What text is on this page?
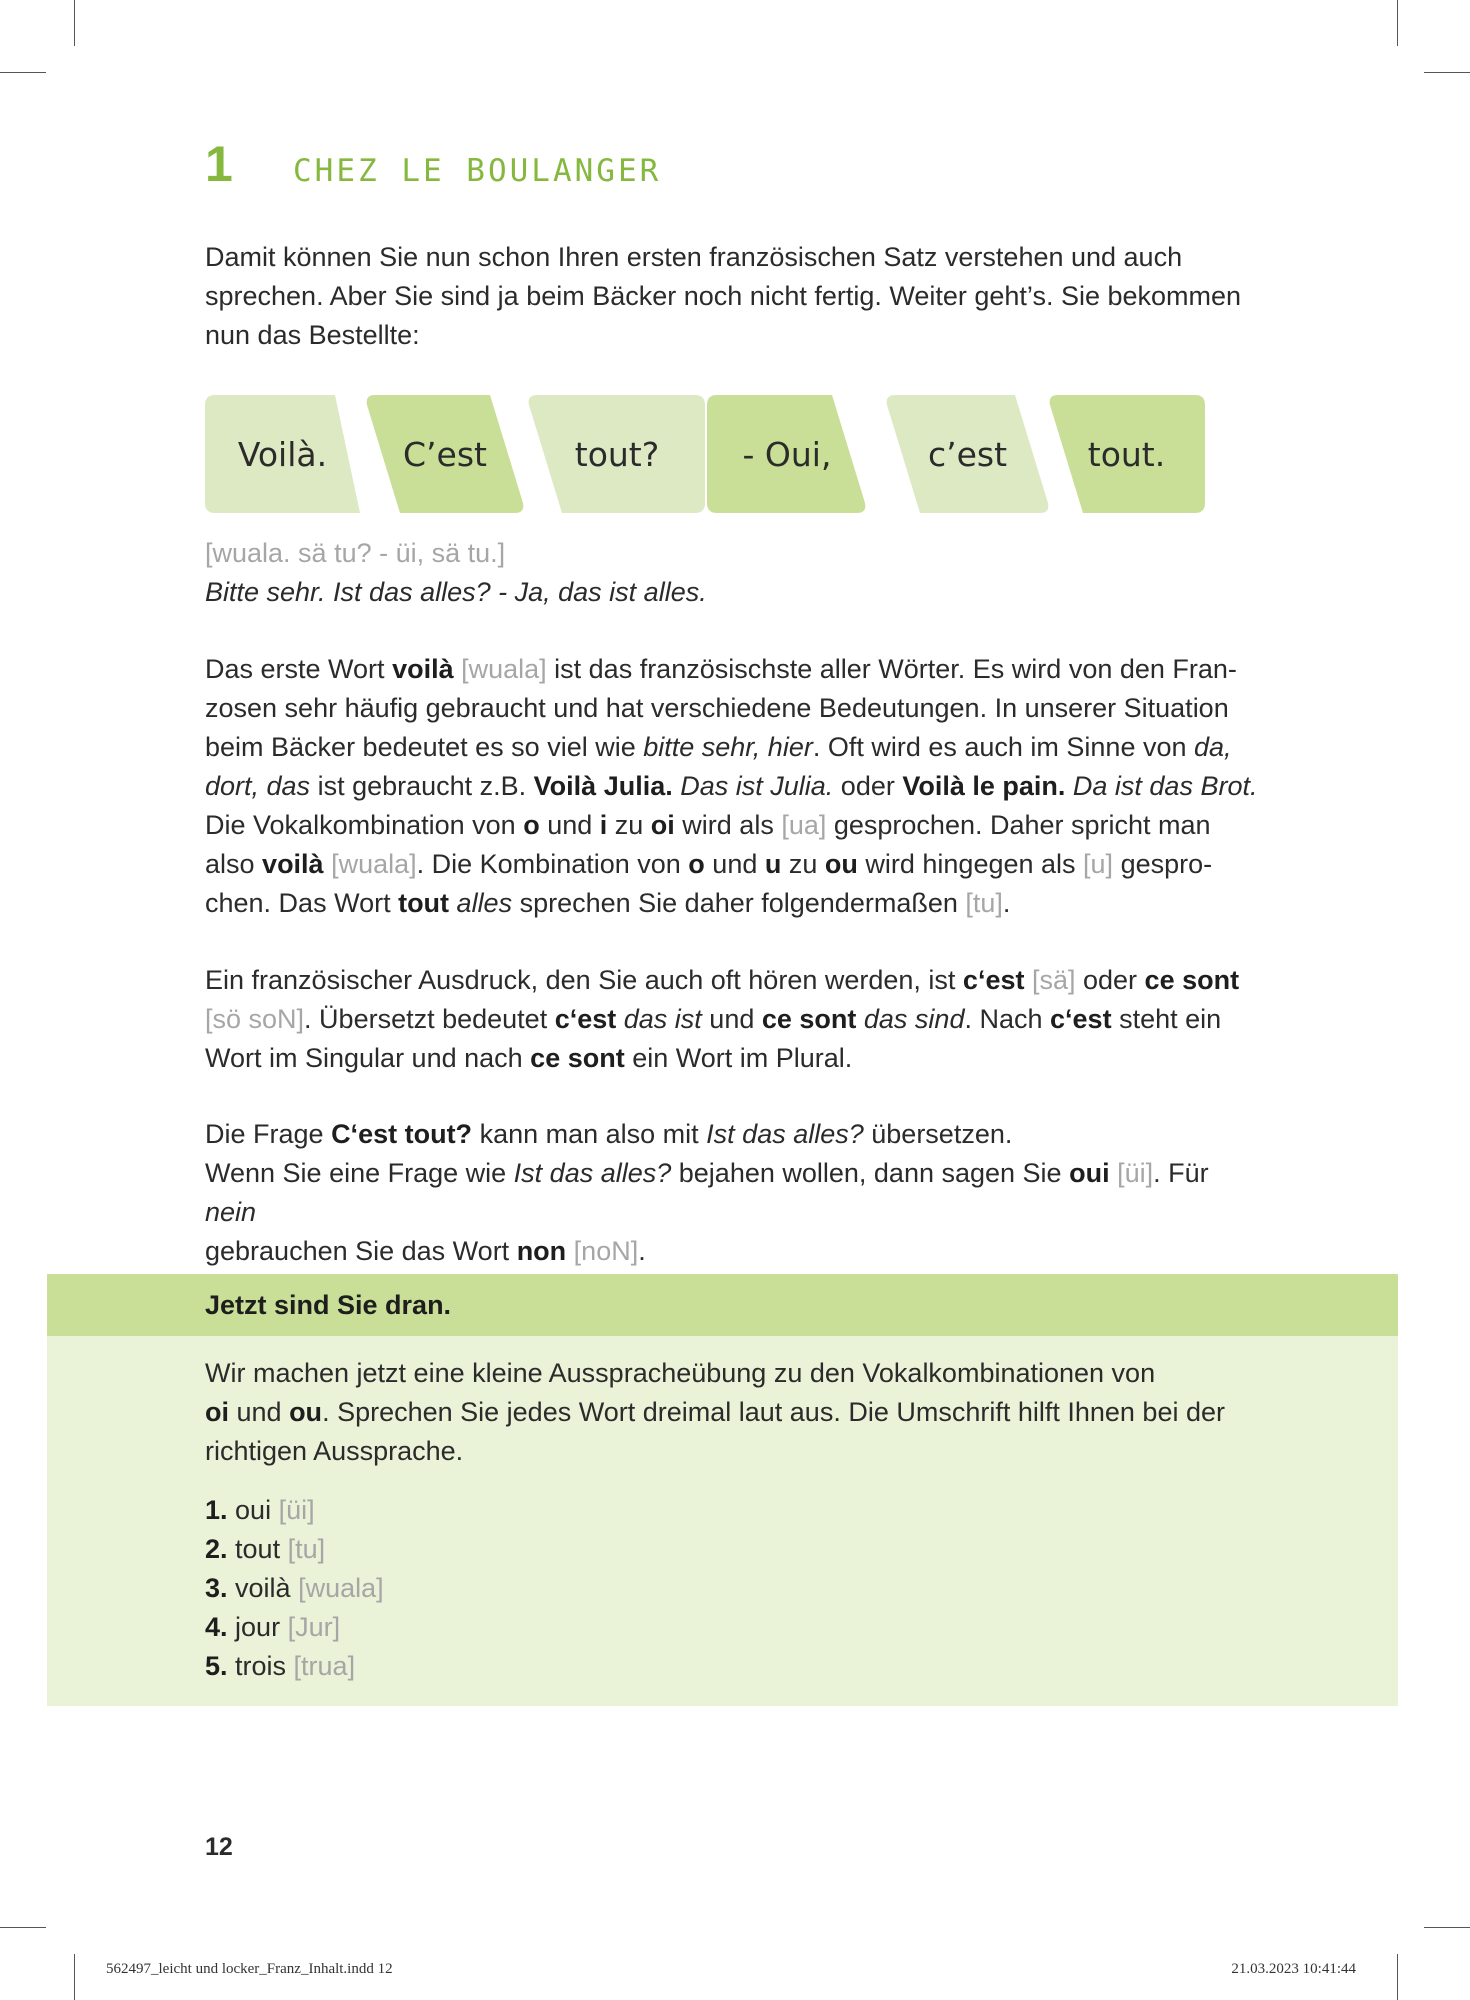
1	CHEZ LE BOULANGER

Damit können Sie nun schon Ihren ersten französischen Satz verstehen und auch

sprechen. Aber Sie sind ja beim Bäcker noch nicht fertig. Weiter geht’s. Sie bekommen

nun das Bestellte:

Voilà. C’est	tout?	- Oui,	c’est tout.
[wuala. sä tu? - üi, sä tu.]
Bitte sehr. Ist das alles? - Ja, das ist alles.

Das erste Wort voilà [wuala] ist das französischste aller Wörter. Es wird von den Fran-

zosen sehr häufig gebraucht und hat verschiedene Bedeutungen. In unserer Situation

beim Bäcker bedeutet es so viel wie bitte sehr, hier. Oft wird es auch im Sinne von da,

dort, das ist gebraucht z.B. Voilà Julia. Das ist Julia. oder Voilà le pain. Da ist das Brot.

Die Vokalkombination von o und i zu oi wird als [ua] gesprochen. Daher spricht man

also voilà [wuala]. Die Kombination von o und u zu ou wird hingegen als [u] gespro-

chen. Das Wort tout alles sprechen Sie daher folgendermaßen [tu].

Ein französischer Ausdruck, den Sie auch oft hören werden, ist c‘est [sä] oder ce sont

[sö soN]. Übersetzt bedeutet c‘est das ist und ce sont das sind. Nach c‘est steht ein

Wort im Singular und nach ce sont ein Wort im Plural.

Die Frage C‘est tout? kann man also mit Ist das alles? übersetzen.

Wenn Sie eine Frage wie Ist das alles? bejahen wollen, dann sagen Sie oui [üi]. Für nein

gebrauchen Sie das Wort non [noN].

Jetzt sind Sie dran.
Wir machen jetzt eine kleine Ausspracheübung zu den Vokalkombinationen von
oi und ou. Sprechen Sie jedes Wort dreimal laut aus. Die Umschrift hilft Ihnen bei der
richtigen Aussprache.
1. oui [üi]
2. tout [tu]
3. voilà [wuala]
4. jour [Jur]
5. trois [trua]
12
562497_leicht und locker_Franz_Inhalt.indd 12	21.03.2023 10:41:44
